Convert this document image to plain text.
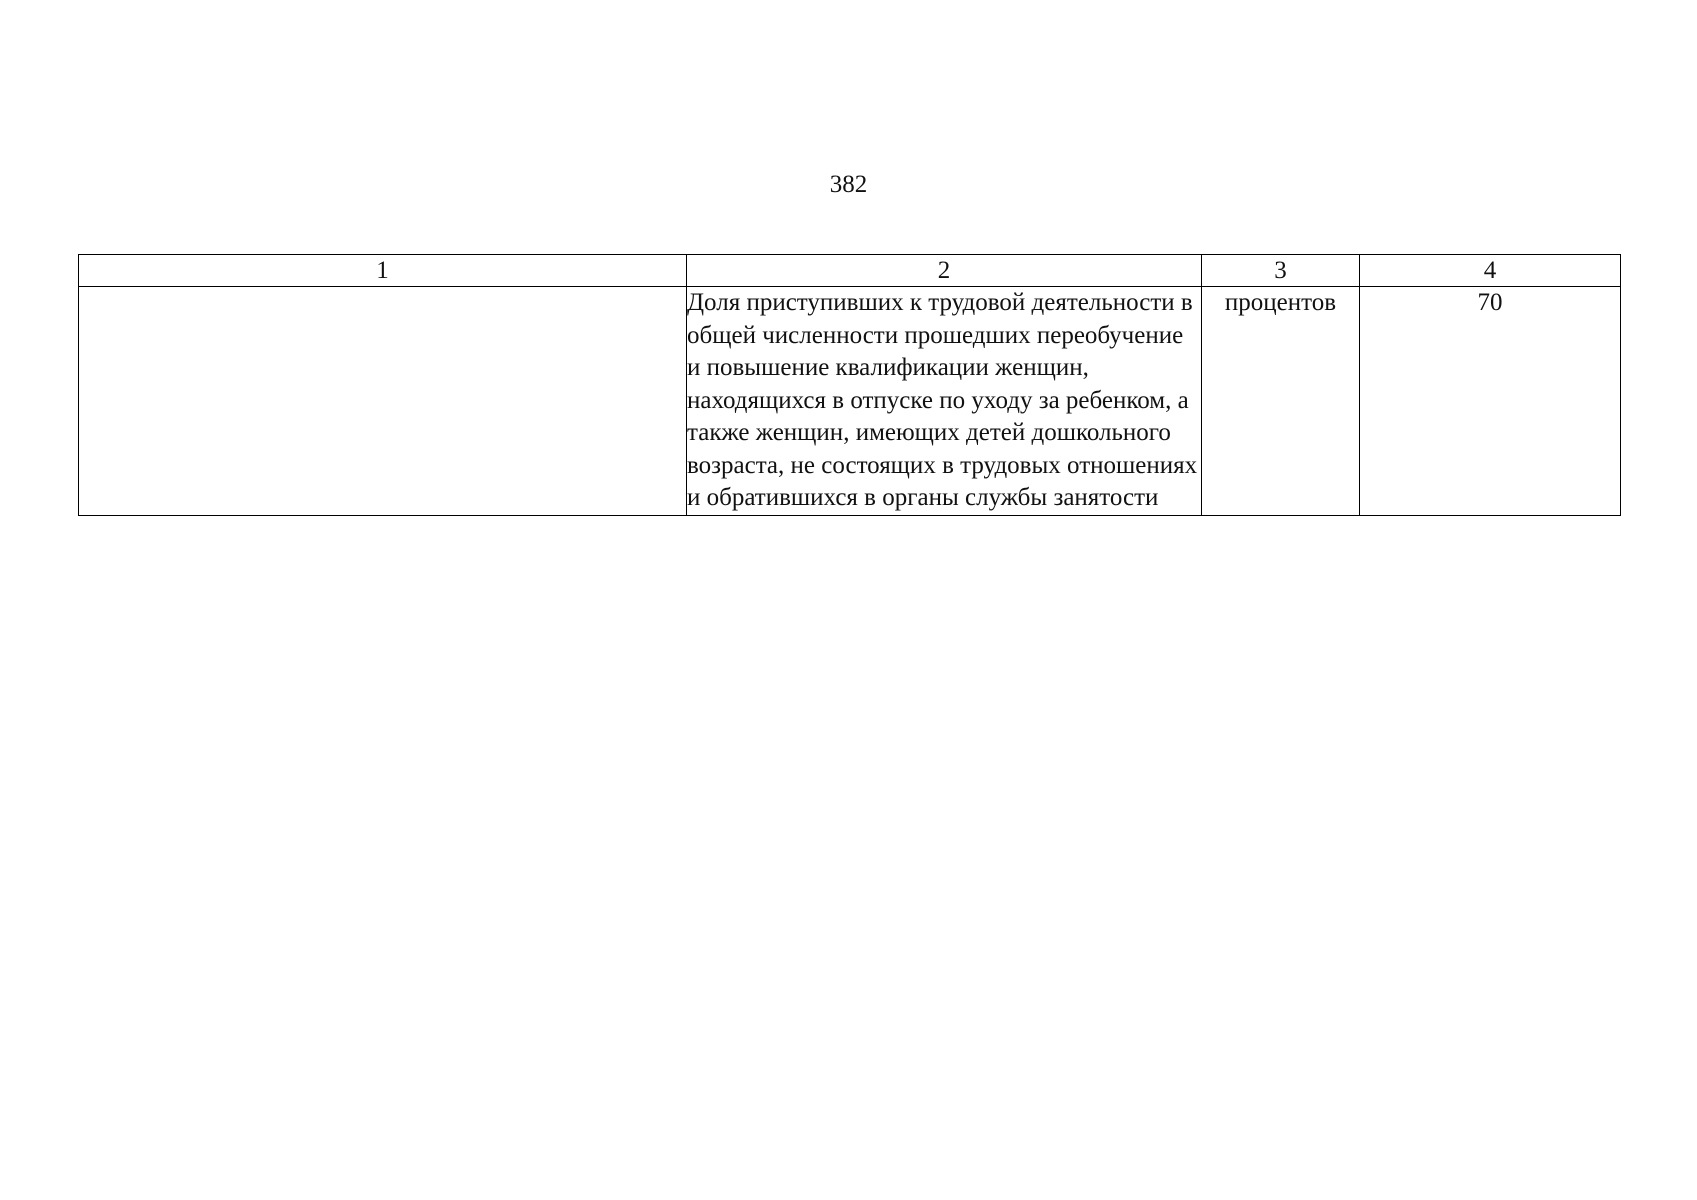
382
1	2	3	4
	Доля приступивших к трудовой деятельности в общей численности прошедших переобучение и повышение квалификации женщин, находящихся в отпуске по уходу за ребенком, а также женщин, имеющих детей дошкольного возраста, не состоящих в трудовых отношениях и обратившихся в органы службы занятости	процентов	70
